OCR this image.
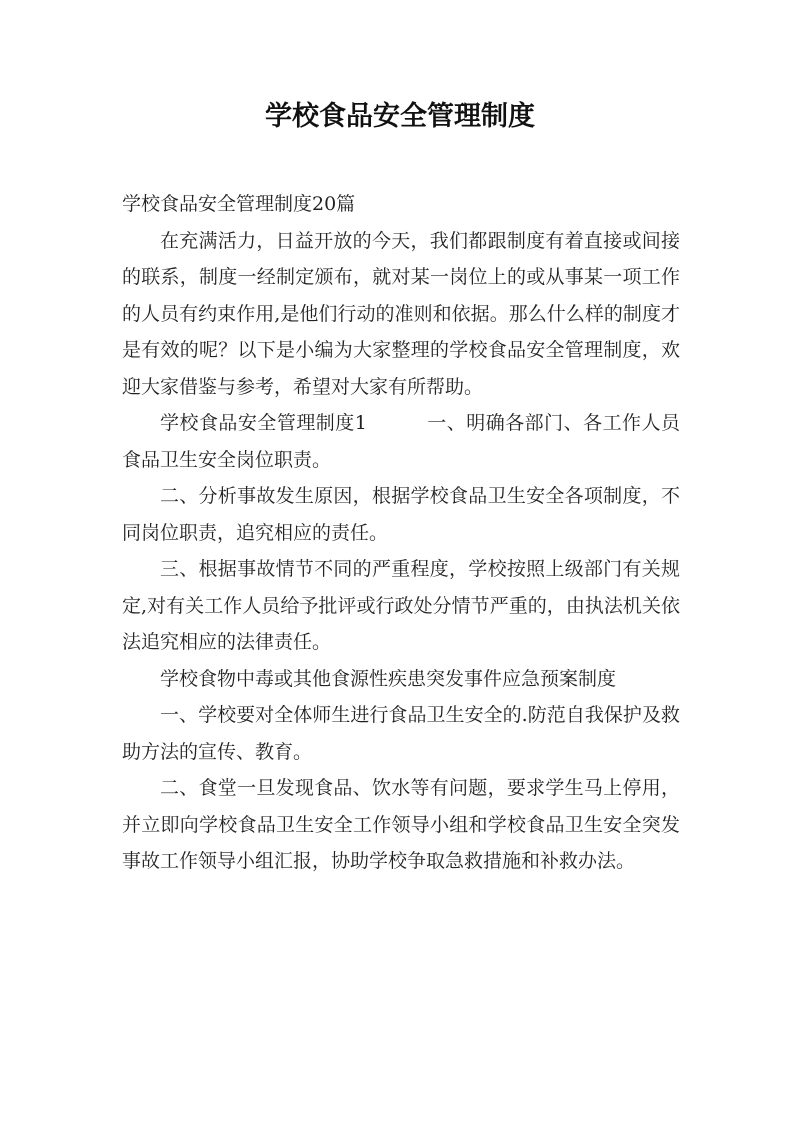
学校食品安全管理制度

学校食品安全管理制度20篇

在充满活力，日益开放的今天，我们都跟制度有着直接或间接的联系，制度一经制定颁布，就对某一岗位上的或从事某一项工作的人员有约束作用,是他们行动的准则和依据。那么什么样的制度才是有效的呢？以下是小编为大家整理的学校食品安全管理制度，欢迎大家借鉴与参考，希望对大家有所帮助。

学校食品安全管理制度1	一、明确各部门、各工作人员食品卫生安全岗位职责。

二、分析事故发生原因，根据学校食品卫生安全各项制度，不同岗位职责，追究相应的责任。

三、根据事故情节不同的严重程度，学校按照上级部门有关规定,对有关工作人员给予批评或行政处分情节严重的，由执法机关依法追究相应的法律责任。

学校食物中毒或其他食源性疾患突发事件应急预案制度

一、学校要对全体师生进行食品卫生安全的.防范自我保护及救助方法的宣传、教育。

二、食堂一旦发现食品、饮水等有问题，要求学生马上停用，并立即向学校食品卫生安全工作领导小组和学校食品卫生安全突发事故工作领导小组汇报，协助学校争取急救措施和补救办法。
